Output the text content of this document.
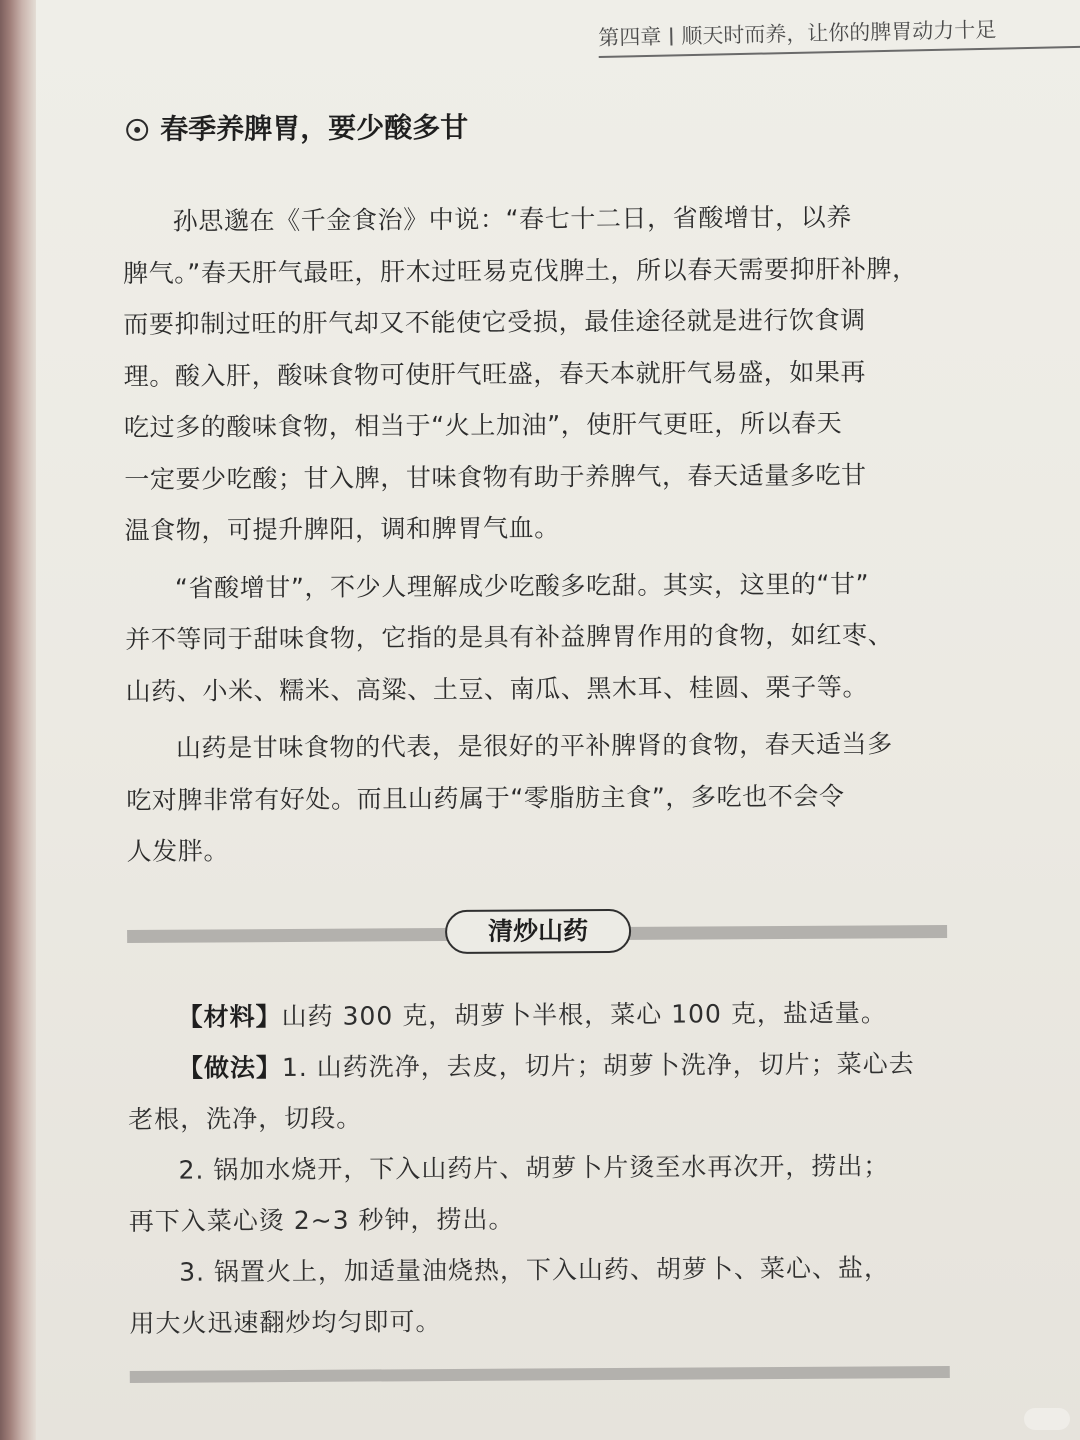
第四章 顺天时而养，让你的脾胃动力十足
春季养脾胃，要少酸多甘

孙思邈在《千金食治》中说：“春七十二日，省酸增甘，以养

脾气。”春天肝气最旺，肝木过旺易克伐脾土，所以春天需要抑肝补脾，

而要抑制过旺的肝气却又不能使它受损，最佳途径就是进行饮食调

理。酸入肝，酸味食物可使肝气旺盛，春天本就肝气易盛，如果再

吃过多的酸味食物，相当于“火上加油”，使肝气更旺，所以春天

一定要少吃酸；甘入脾，甘味食物有助于养脾气，春天适量多吃甘

温食物，可提升脾阳，调和脾胃气血。

“省酸增甘”，不少人理解成少吃酸多吃甜。其实，这里的“甘”

并不等同于甜味食物，它指的是具有补益脾胃作用的食物，如红枣、

山药、小米、糯米、高粱、土豆、南瓜、黑木耳、桂圆、栗子等。

山药是甘味食物的代表，是很好的平补脾肾的食物，春天适当多

吃对脾非常有好处。而且山药属于“零脂肪主食”，多吃也不会令

人发胖。

清炒山药

【材料】山药 300 克，胡萝卜半根，菜心 100 克，盐适量。

【做法】1. 山药洗净，去皮，切片；胡萝卜洗净，切片；菜心去

老根，洗净，切段。

2. 锅加水烧开，下入山药片、胡萝卜片烫至水再次开，捞出；

再下入菜心烫 2~3 秒钟，捞出。

3. 锅置火上，加适量油烧热，下入山药、胡萝卜、菜心、盐，

用大火迅速翻炒均匀即可。
